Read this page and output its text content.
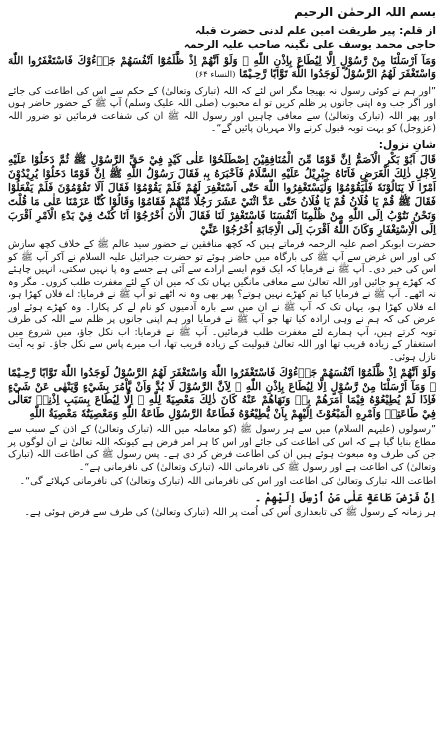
بسم اللہ الرحمٰن الرحیم
از قلم: پیر طریقت امین علم لدنی حضرت قبلہ
حاجی محمد یوسف علی نگینہ صاحب علیہ الرحمہ
وَمَآ اَرْسَلْنَا مِنْ رَّسُوْلٍ اِلَّا لِيُطَاعَ بِاِذْنِ اللّٰهِ ۭ وَلَوْ اَنَّھُمْ اِذْ ظَّلَمُوْٓا اَنْفُسَھُمْ جَاۗءُوْكَ فَاسْتَغْفَرُوا اللّٰهَ وَاسْتَغْفَرَ لَھُمُ الرَّسُوْلُ لَوَجَدُوا اللّٰهَ تَوَّابًا رَّحِـيْمًا (النساء ۶۴)
”اور ہم نے کوئی رسول نہ بھیجا مگر اس لئے کہ اللہ (تبارک وتعالیٰ) کے حکم سے اس کی اطاعت کی جائے اور اگر جب وہ اپنی جانوں پر ظلم کریں تو اے محبوب (صلی اللہ علیک وسلم) آپ ﷺ کے حضور حاضر ہوں اور پھر اللہ (تبارک وتعالیٰ) سے معافی چاہیں اور رسول اللہ ﷺ ان کی شفاعت فرمائیں تو ضرور اللہ (عزوجل) کو بہت توبہ قبول کرنے والا مہربان پائیں گے“۔
شانِ نزول:
قَالَ اَبُوْ بَكْرِ الْاَصَمُّ اِنَّ قَوْمًا مِّنَ الْمُنَافِقِيْنَ اِصْطَلَحُوْا عَلٰى كَيْدٍ فِيْ حَقِّ الرَّسُوْلِ ﷺ ثُمَّ دَخَلُوْا عَلَيْهِ لِاَجْلِ ذٰلِكَ الْغَرَضِ فَاَتَاهُ جِبْرِيْلُ عَلَيْهِ السَّلَامُ فَاَخْبَرَهُ بِهٖ فَقَالَ رَسُوْلُ اللّٰهِ ﷺ اِنَّ قَوْمًا دَخَلُوْا يُرِيْدُوْنَ اَمْرًا لَا يَنَالُوْنَهٗ فَلْيَقُوْمُوْا وَلْيَسْتَغْفِرُوا اللّٰهَ حَتّٰى اَسْتَغْفِرَ لَهُمْ فَلَمْ يَقُوْمُوْا فَقَالَ اَلَا تَقُوْمُوْنَ فَلَمْ يَفْعَلُوْا فَقَالَ ﷺ قُمْ يَا فُلَانُ قُمْ يَا فُلَانُ حَتّٰى عَدَّ اثْنَيْ عَشَرَ رَجُلًا مِّنْهُمْ فَقَامُوْا وَقَالُوْا كُنَّا عَزَمْنَا عَلٰى مَا قُلْتَ وَنَحْنُ نَتُوْبُ اِلَى اللّٰهِ مِنْ ظُلْمِنَا اَنْفُسَنَا فَاسْتَغْفِرْ لَنَا فَقَالَ الْاٰنَ اُخْرُجُوْا اَنَا كُنْتُ فِيْ بَدْءِ الْاَمْرِ اَقْرَبَ اِلَى الْاِسْتِغْفَارِ وَكَانَ اللّٰهُ اَقْرَبَ اِلَى الْاِجَابَةِ اُخْرُجُوْا عَنِّيْ
حضرت ابوبکر اصم علیہ الرحمہ فرماتے ہیں کہ کچھ منافقین نے حضور سید عالم ﷺ کے خلاف کچھ سازش کی اور اس غرض سے آپ ﷺ کی بارگاہ میں حاضر ہوئے تو حضرت جبرائیل علیہ السلام نے آکر آپ ﷺ کو اس کی خبر دی۔ آپ ﷺ نے فرمایا کہ ایک قوم ایسے ارادے سے آئی ہے جسے وہ پا نہیں سکتی، انہیں چاہئے کہ کھڑے ہو جائیں اور اللہ تعالیٰ سے معافی مانگیں یہاں تک کہ میں ان کے لئے مغفرت طلب کروں۔ مگر وہ نہ اٹھے۔ آپ ﷺ نے فرمایا کیا تم کھڑے نہیں ہوتے؟ پھر بھی وہ نہ اٹھے تو آپ ﷺ نے فرمایا: اے فلاں کھڑا ہو، اے فلاں کھڑا ہو، یہاں تک کہ آپ ﷺ نے ان میں سے بارہ آدمیوں کو نام لے کر پکارا۔ وہ کھڑے ہوئے اور عرض کی کہ ہم نے وہی ارادہ کیا تھا جو آپ ﷺ نے فرمایا اور ہم اپنی جانوں پر ظلم سے اللہ کی طرف توبہ کرتے ہیں، آپ ہمارے لئے مغفرت طلب فرمائیں۔ آپ ﷺ نے فرمایا: اب نکل جاؤ، میں شروع میں استغفار کے زیادہ قریب تھا اور اللہ تعالیٰ قبولیت کے زیادہ قریب تھا، اب میرے پاس سے نکل جاؤ۔ تو یہ آیت نازل ہوئی۔
وَلَوْ اَنَّھُمْ اِذْ ظَّلَمُوْٓا اَنْفُسَھُمْ جَاۗءُوْكَ فَاسْتَغْفَرُوا اللّٰهَ وَاسْتَغْفَرَ لَھُمُ الرَّسُوْلُ لَوَجَدُوا اللّٰهَ تَوَّابًا رَّحِـيْمًا ۔ وَمَآ اَرْسَلْنَا مِنْ رَّسُوْلٍ اِلَّا لِيُطَاعَ بِاِذْنِ اللّٰهِ ۔ لِاَنَّ الرَّسُوْلَ لَا بُدَّ وَاَنْ يَّاْمُرَ بِشَيْءٍ وَّيَنْهٰى عَنْ شَيْءٍ فَاِذَا لَمْ يُطِيْعُوْهُ فِيْمَا اَمَرَهُمْ بِهٖ وَنَهَاهُمْ عَنْهُ كَانَ ذٰلِكَ مَعْصِيَةً لِلّٰهِ ۔ اِلَّا لِيُطَاعَ بِسَبَبِ اِذْنِهٖ تَعَالٰى فِيْ طَاعَتِهٖ وَاَمْرِهِ الْمَبْعُوْثَ اِلَيْهِمْ بِاَنْ يُّطِيْعُوْهُ فَطَاعَةُ الرَّسُوْلِ طَاعَةُ اللّٰهِ وَمَعْصِيَتُهٗ مَعْصِيَةُ اللّٰهِ
”رسولوں (علیہم السلام) میں سے ہر رسول ﷺ (کو معاملہ میں اللہ (تبارک وتعالیٰ) کے اذن کے سبب سے مطاع بنایا گیا ہے کہ اس کی اطاعت کی جائے اور اس کا ہر امر فرض ہے کیونکہ اللہ تعالیٰ نے ان لوگوں پر جن کی طرف وہ مبعوث ہوئے ہیں ان کی اطاعت فرض کر دی ہے۔ پس رسول ﷺ کی اطاعت اللہ (تبارک وتعالیٰ) کی اطاعت ہے اور رسول ﷺ کی نافرمانی اللہ (تبارک وتعالیٰ) کی نافرمانی ہے“۔
اطاعت اللہ تبارک وتعالیٰ کی اطاعت اور اس کی نافرمانی اللہ (تبارک وتعالیٰ) کی نافرمانی کہلائے گی“۔
اِنَّ فَرْضَ طَاعَةٍ عَلٰى مَنْ اُرْسِلَ اِلَيْهِمْ ۔
ہر زمانہ کے رسول ﷺ کی تابعداری اُس کی اُمت پر اللہ (تبارک وتعالیٰ) کی طرف سے فرض ہوئی ہے۔
